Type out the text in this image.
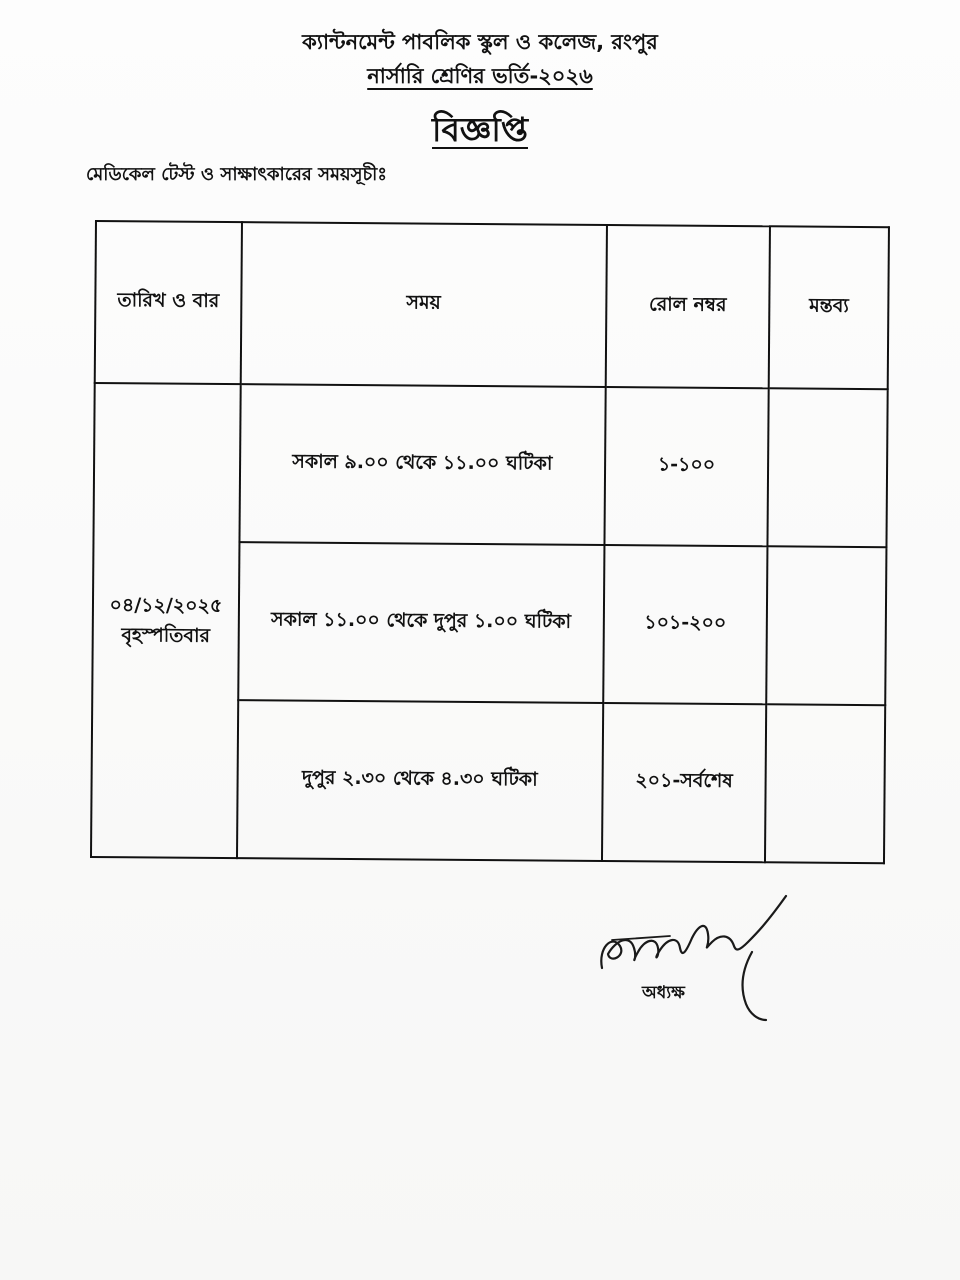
ক্যান্টনমেন্ট পাবলিক স্কুল ও কলেজ, রংপুর
নার্সারি শ্রেণির ভর্তি-২০২৬
বিজ্ঞপ্তি
মেডিকেল টেস্ট ও সাক্ষাৎকারের সময়সূচীঃ
তারিখ ও বার	সময়	রোল নম্বর	মন্তব্য

০৪/১২/২০২৫
বৃহস্পতিবার	সকাল ৯.০০ থেকে ১১.০০ ঘটিকা	১-১০০	
	সকাল ১১.০০ থেকে দুপুর ১.০০ ঘটিকা	১০১-২০০	
	দুপুর ২.৩০ থেকে ৪.৩০ ঘটিকা	২০১-সর্বশেষ	
অধ্যক্ষ
